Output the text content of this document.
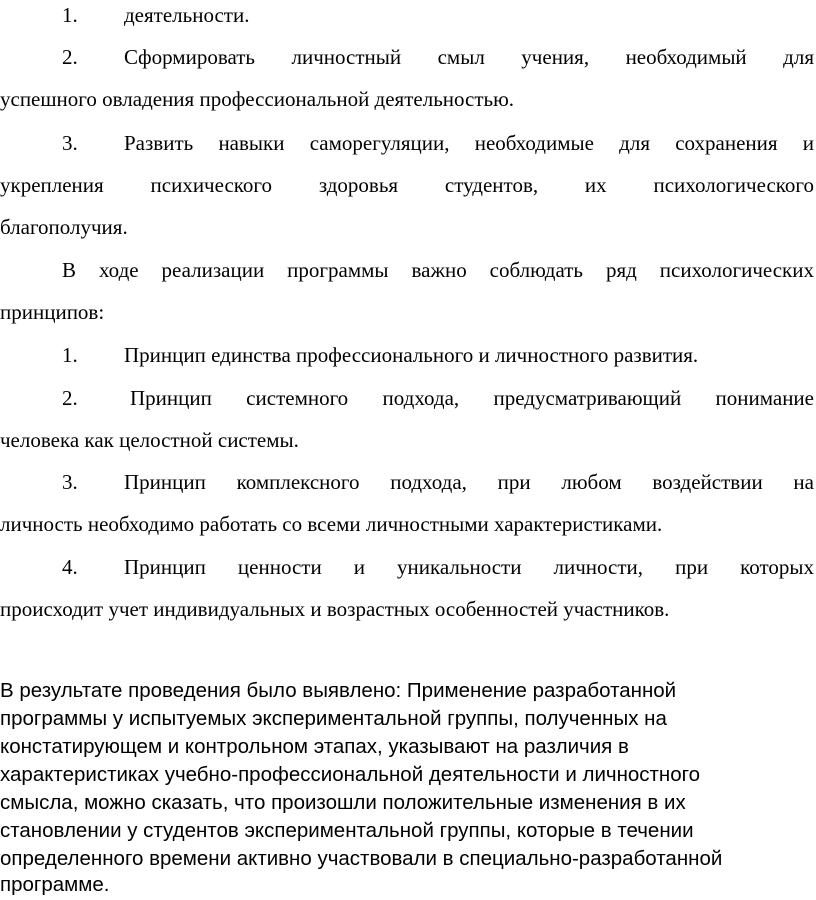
1. деятельности.
2. Сформировать личностный смыл учения, необходимый для
успешного овладения профессиональной деятельностью.
3. Развить навыки саморегуляции, необходимые для сохранения и
укрепления психического здоровья студентов, их психологического
благополучия.
В ходе реализации программы важно соблюдать ряд психологических
принципов:
1. Принцип единства профессионального и личностного развития.
2. Принцип системного подхода, предусматривающий понимание
человека как целостной системы.
3. Принцип комплексного подхода, при любом воздействии на
личность необходимо работать со всеми личностными характеристиками.
4. Принцип ценности и уникальности личности, при которых
происходит учет индивидуальных и возрастных особенностей участников.
В результате проведения было выявлено: Применение разработанной
программы у испытуемых экспериментальной группы, полученных на
констатирующем и контрольном этапах, указывают на различия в
характеристиках учебно-профессиональной деятельности и личностного
смысла, можно сказать, что произошли положительные изменения в их
становлении у студентов экспериментальной группы, которые в течении
определенного времени активно участвовали в специально-разработанной
программе.
